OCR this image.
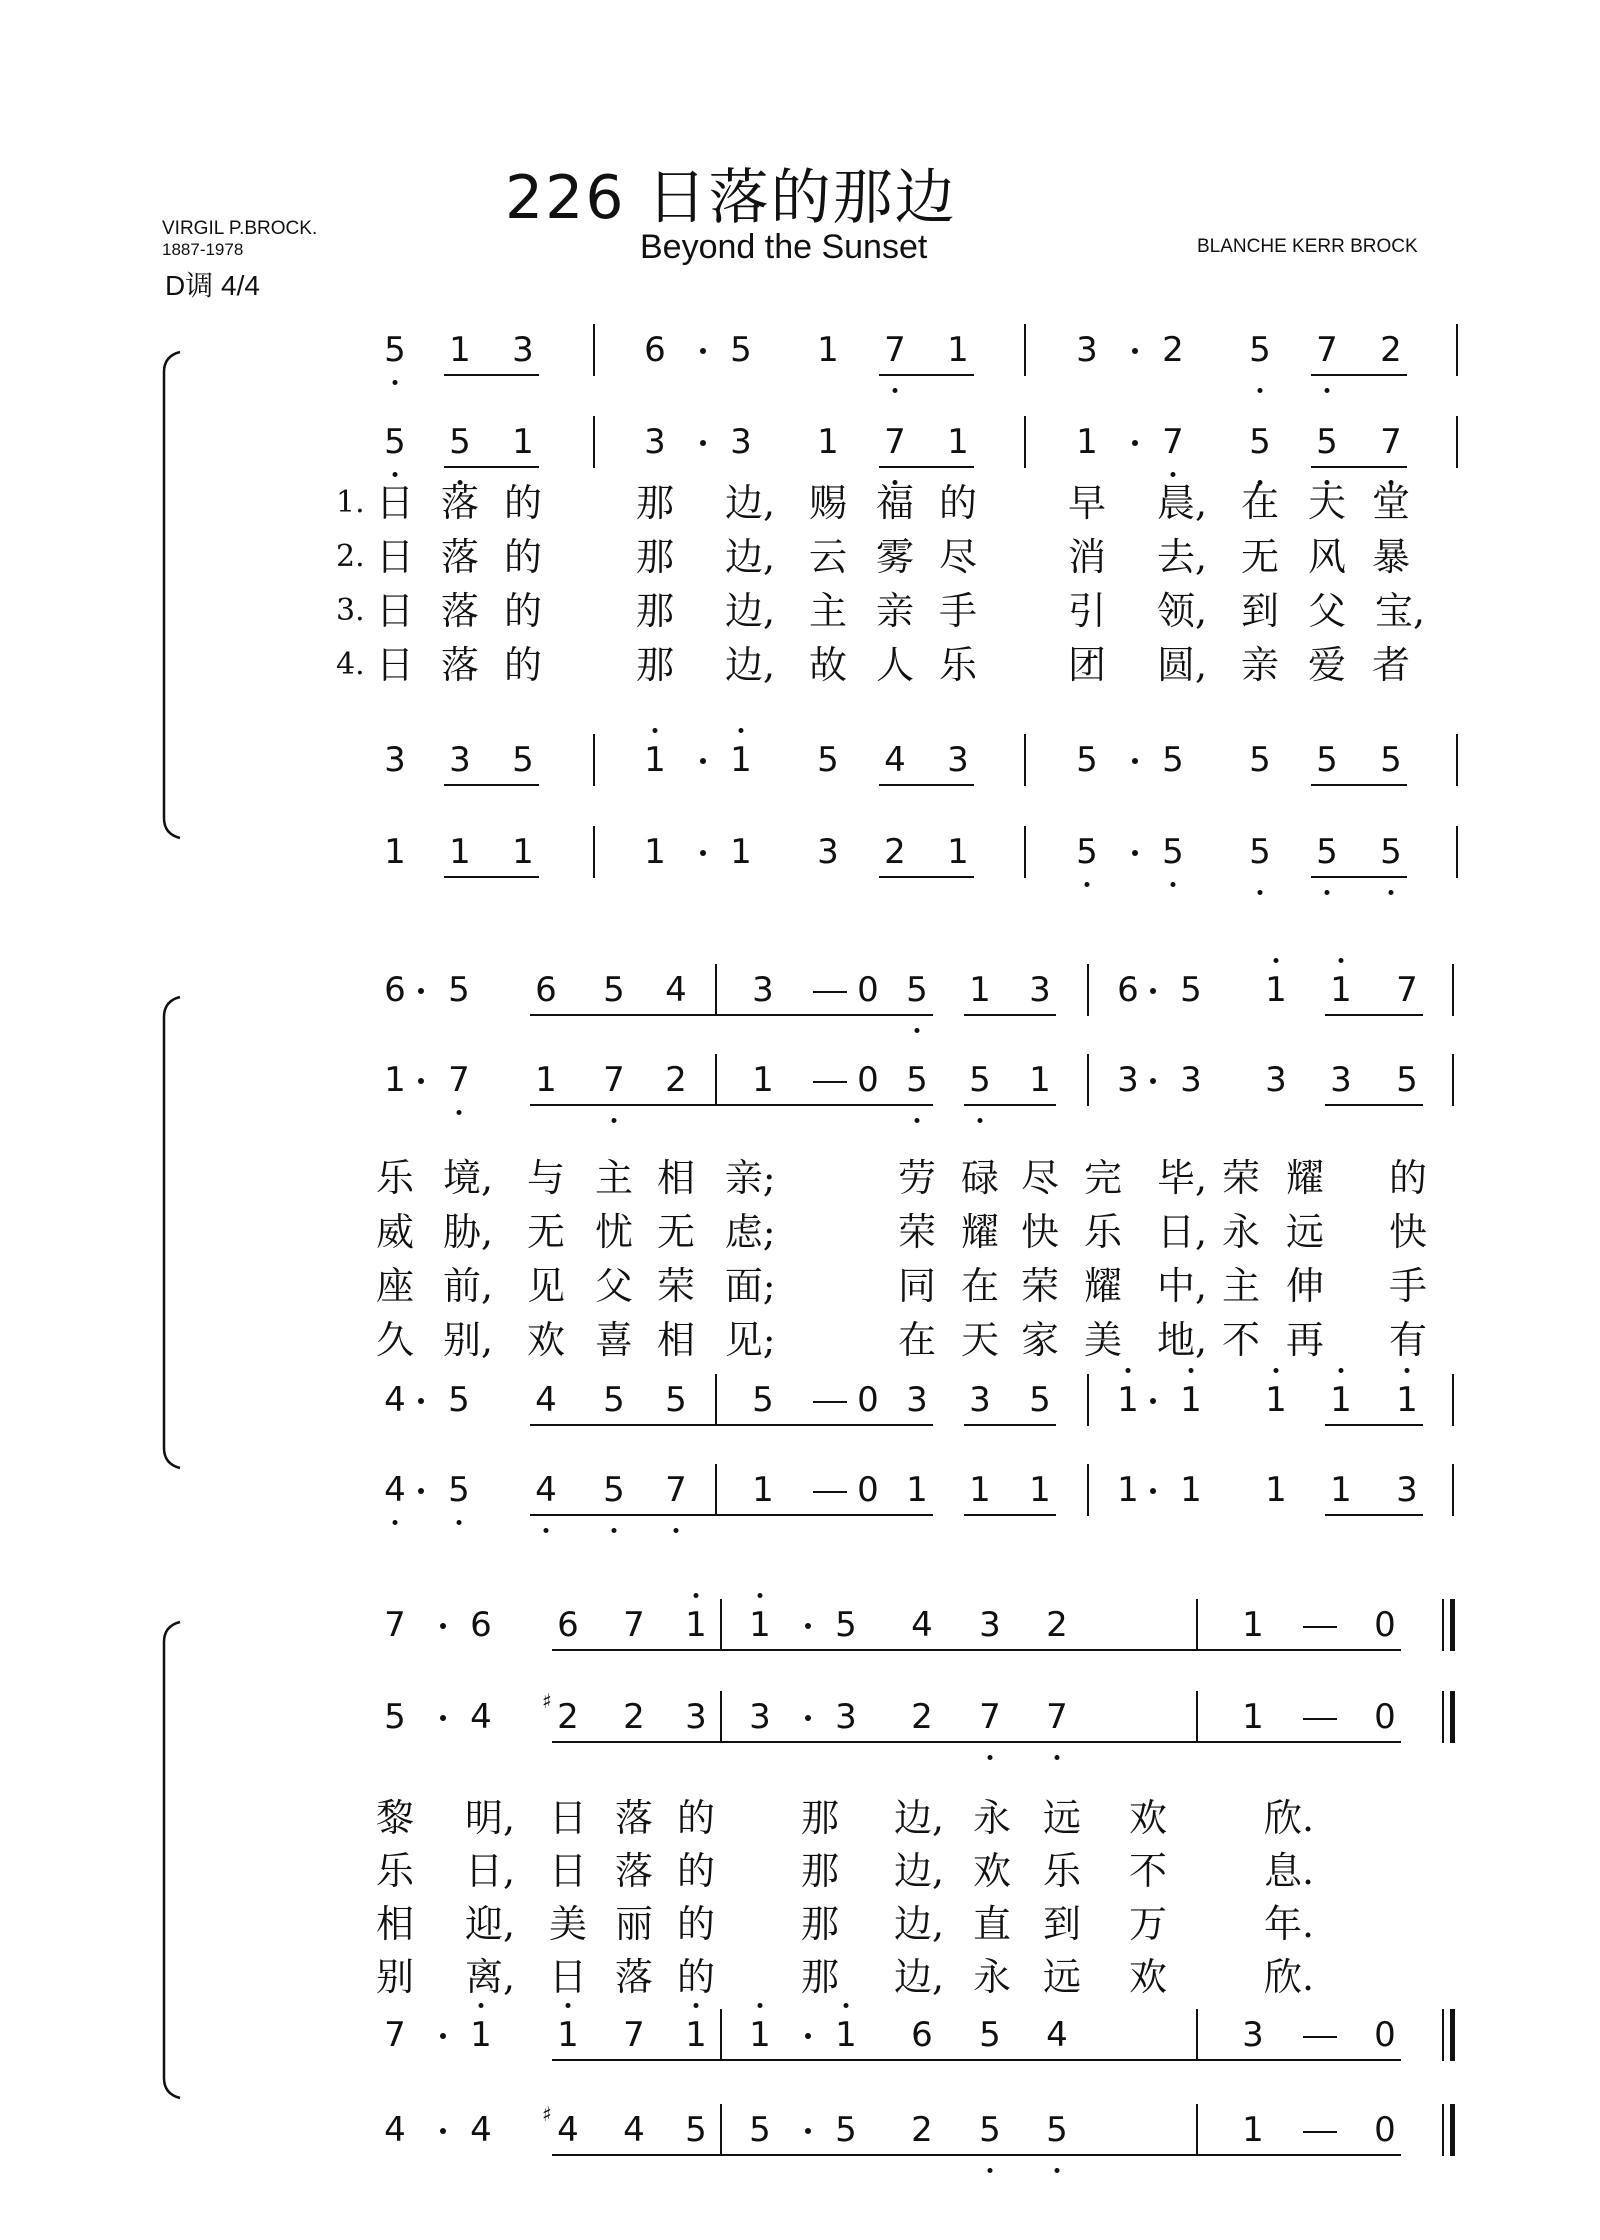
226 日落的那边
Beyond the Sunset
VIRGIL P.BROCK.
1887-1978
D调 4/4
BLANCHE KERR BROCK
5 1 3	6 5 1 7 1	3 2 5 7 2
5 5 1	3 3 1 7 1	1 7 5 5 7
3 3 5	1 1 5 4 3	5 5 5 5 5
1 1 1	1 1 3 2 1	5 5 5 5 5
1. 日 落 的 那 边, 赐 福 的 早 晨, 在 天 堂
2. 日 落 的 那 边, 云 雾 尽 消 去, 无 风 暴
3. 日 落 的 那 边, 主 亲 手 引 领, 到 父 宝,
4. 日 落 的 那 边, 故 人 乐 团 圆, 亲 爱 者
6 5 6 5 4 3 0 5 1 3 6 5 1 1 7
1 7 1 7 2 1 0 5 5 1 3 3 3 3 5
4 5 4 5 5 5 0 3 3 5 1 1 1 1 1
4 5 4 5 7 1 0 1 1 1 1 1 1 1 3
乐 境, 与 主 相 亲;	劳 碌 尽 完 毕, 荣 耀 的
威 胁, 无 忧 无 虑;	荣 耀 快 乐 日, 永 远 快
座 前, 见 父 荣 面;	同 在 荣 耀 中, 主 伸 手
久 别, 欢 喜 相 见;	在 天 家 美 地, 不 再 有
7 6 6 7 1 1 5 4 3 2	1	0
5 4 2
♯ 2 3 3 3 2 7 7	1	0
7 1 1 7 1 1 1 6 5 4	3	0
4 4 4
♯ 4 5 5 5 2 5 5	1	0
黎 明, 日 落 的 那 边, 永 远 欢	欣.
乐 日, 日 落 的 那 边, 欢 乐 不	息.
相 迎, 美 丽 的 那 边, 直 到 万	年.
别 离, 日 落 的 那 边, 永 远 欢	欣.
